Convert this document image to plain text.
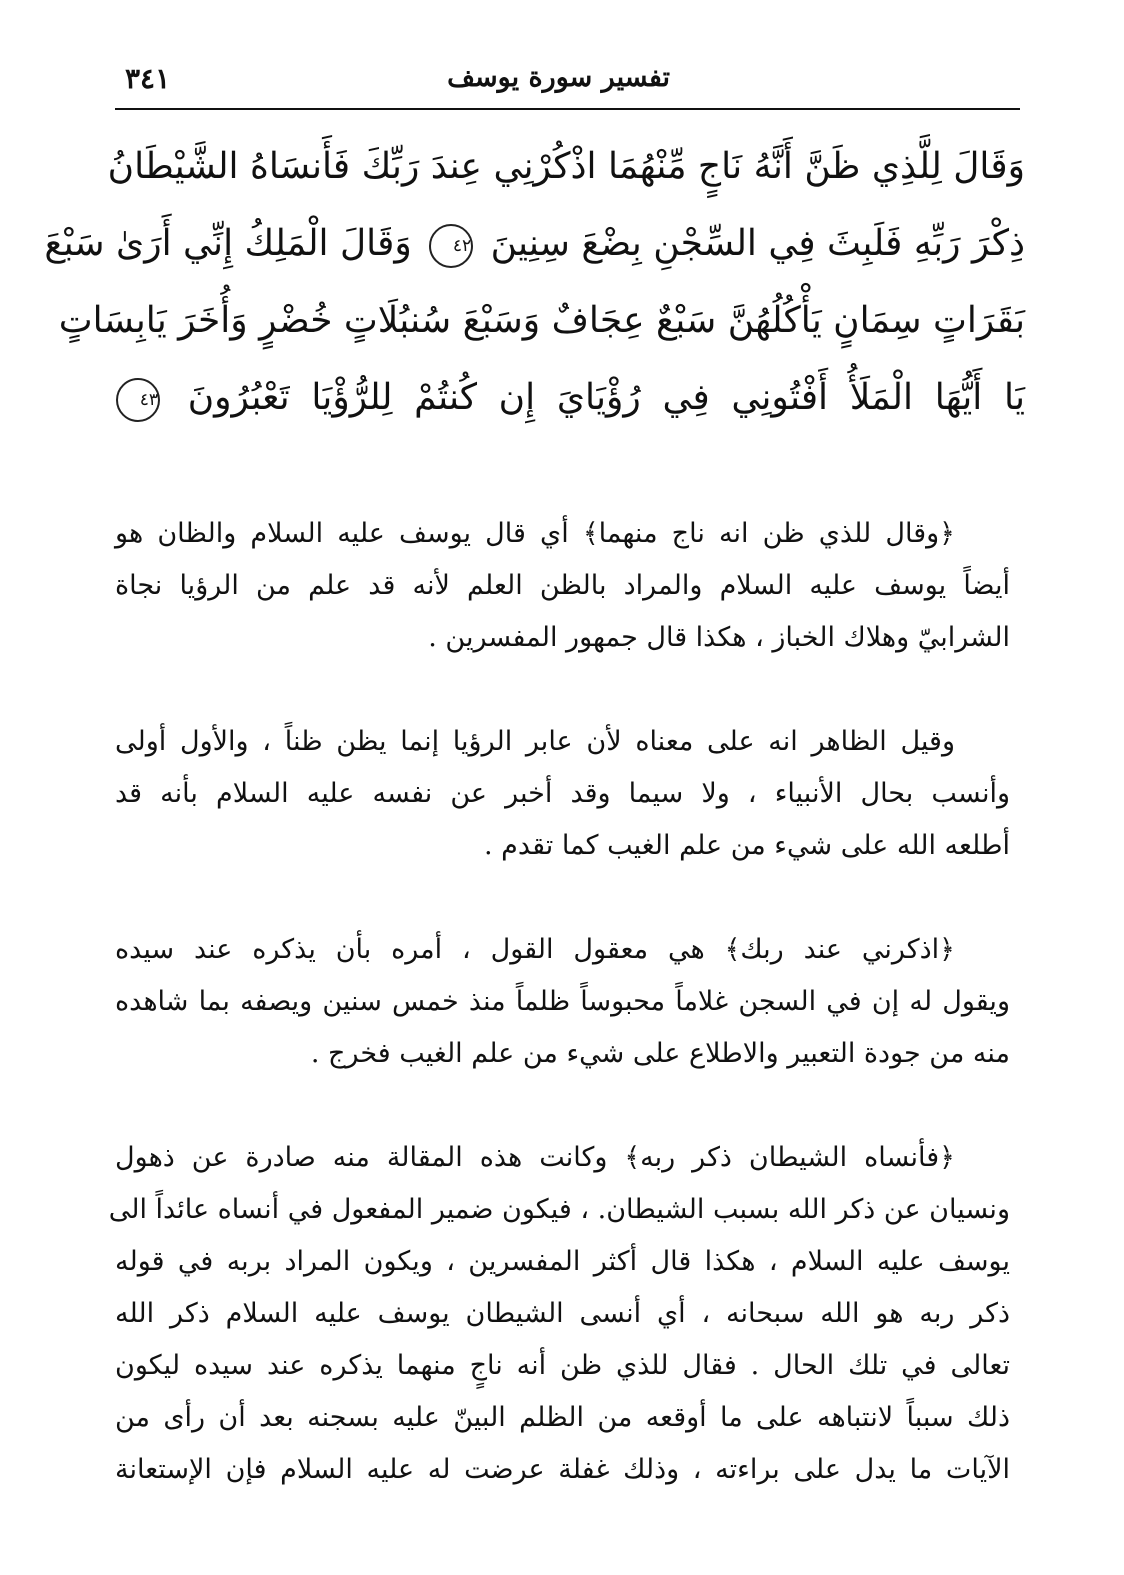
تفسير سورة يوسف
٣٤١
وَقَالَ لِلَّذِي ظَنَّ أَنَّهُ نَاجٍ مِّنْهُمَا اذْكُرْنِي عِندَ رَبِّكَ فَأَنسَاهُ الشَّيْطَانُ
ذِكْرَ رَبِّهِ فَلَبِثَ فِي السِّجْنِ بِضْعَ سِنِينَ ٤٢ وَقَالَ الْمَلِكُ إِنِّي أَرَىٰ سَبْعَ
بَقَرَاتٍ سِمَانٍ يَأْكُلُهُنَّ سَبْعٌ عِجَافٌ وَسَبْعَ سُنبُلَاتٍ خُضْرٍ وَأُخَرَ يَابِسَاتٍ
يَا أَيُّهَا الْمَلَأُ أَفْتُونِي فِي رُؤْيَايَ إِن كُنتُمْ لِلرُّؤْيَا تَعْبُرُونَ ٤٣
﴿وقال للذي ظن انه ناج منهما﴾ أي قال يوسف عليه السلام والظان هو
أيضاً يوسف عليه السلام والمراد بالظن العلم لأنه قد علم من الرؤيا نجاة
الشرابيّ وهلاك الخباز ، هكذا قال جمهور المفسرين .
وقيل الظاهر انه على معناه لأن عابر الرؤيا إنما يظن ظناً ، والأول أولى
وأنسب بحال الأنبياء ، ولا سيما وقد أخبر عن نفسه عليه السلام بأنه قد
أطلعه الله على شيء من علم الغيب كما تقدم .
﴿اذكرني عند ربك﴾ هي معقول القول ، أمره بأن يذكره عند سيده
ويقول له إن في السجن غلاماً محبوساً ظلماً منذ خمس سنين ويصفه بما شاهده
منه من جودة التعبير والاطلاع على شيء من علم الغيب فخرج .
﴿فأنساه الشيطان ذكر ربه﴾ وكانت هذه المقالة منه صادرة عن ذهول
ونسيان عن ذكر الله بسبب الشيطان. ، فيكون ضمير المفعول في أنساه عائداً الى
يوسف عليه السلام ، هكذا قال أكثر المفسرين ، ويكون المراد بربه في قوله
ذكر ربه هو الله سبحانه ، أي أنسى الشيطان يوسف عليه السلام ذكر الله
تعالى في تلك الحال . فقال للذي ظن أنه ناجٍ منهما يذكره عند سيده ليكون
ذلك سبباً لانتباهه على ما أوقعه من الظلم البينّ عليه بسجنه بعد أن رأى من
الآيات ما يدل على براءته ، وذلك غفلة عرضت له عليه السلام فإن الإستعانة
